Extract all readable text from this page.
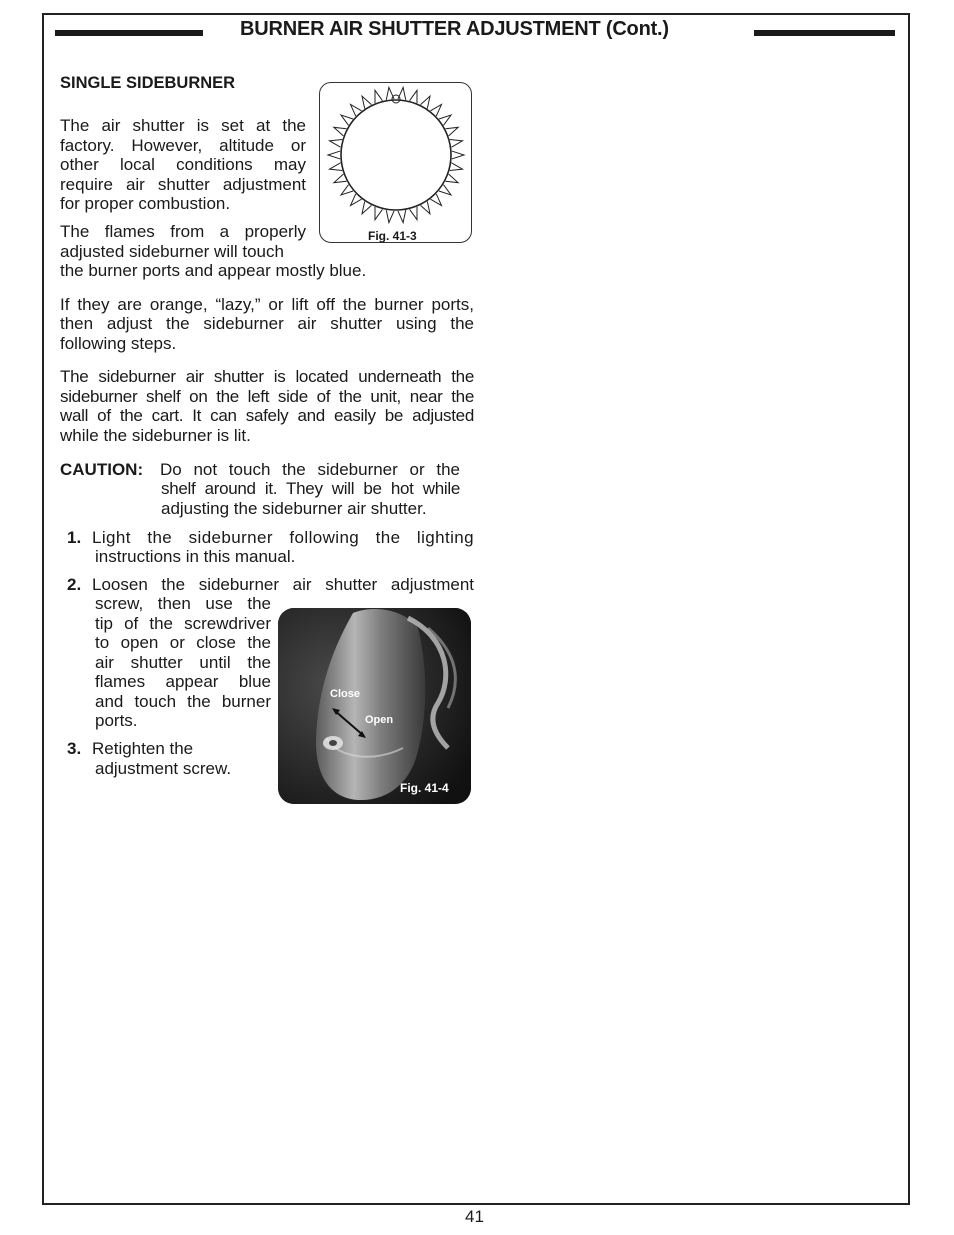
BURNER AIR SHUTTER ADJUSTMENT (Cont.)
SINGLE SIDEBURNER
The air shutter is set at the
factory. However, altitude or
other local conditions may
require air shutter adjustment
for proper combustion.
The flames from a properly
adjusted sideburner will touch
the burner ports and appear mostly blue.
If they are orange, “lazy,” or lift off the burner ports,
then adjust the sideburner air shutter using the
following steps.
The sideburner air shutter is located underneath the
sideburner shelf on the left side of the unit, near the
wall of the cart. It can safely and easily be adjusted
while the sideburner is lit.
CAUTION: Do not touch the sideburner or the
shelf around it. They will be hot while
adjusting the sideburner air shutter.
1. Light the sideburner following the lighting
instructions in this manual.
2. Loosen the sideburner air shutter adjustment
screw, then use the
tip of the screwdriver
to open or close the
air shutter until the
flames appear blue
and touch the burner
ports.
3. Retighten the
adjustment screw.
Fig. 41-3
Close
Open
Fig. 41-4
41
